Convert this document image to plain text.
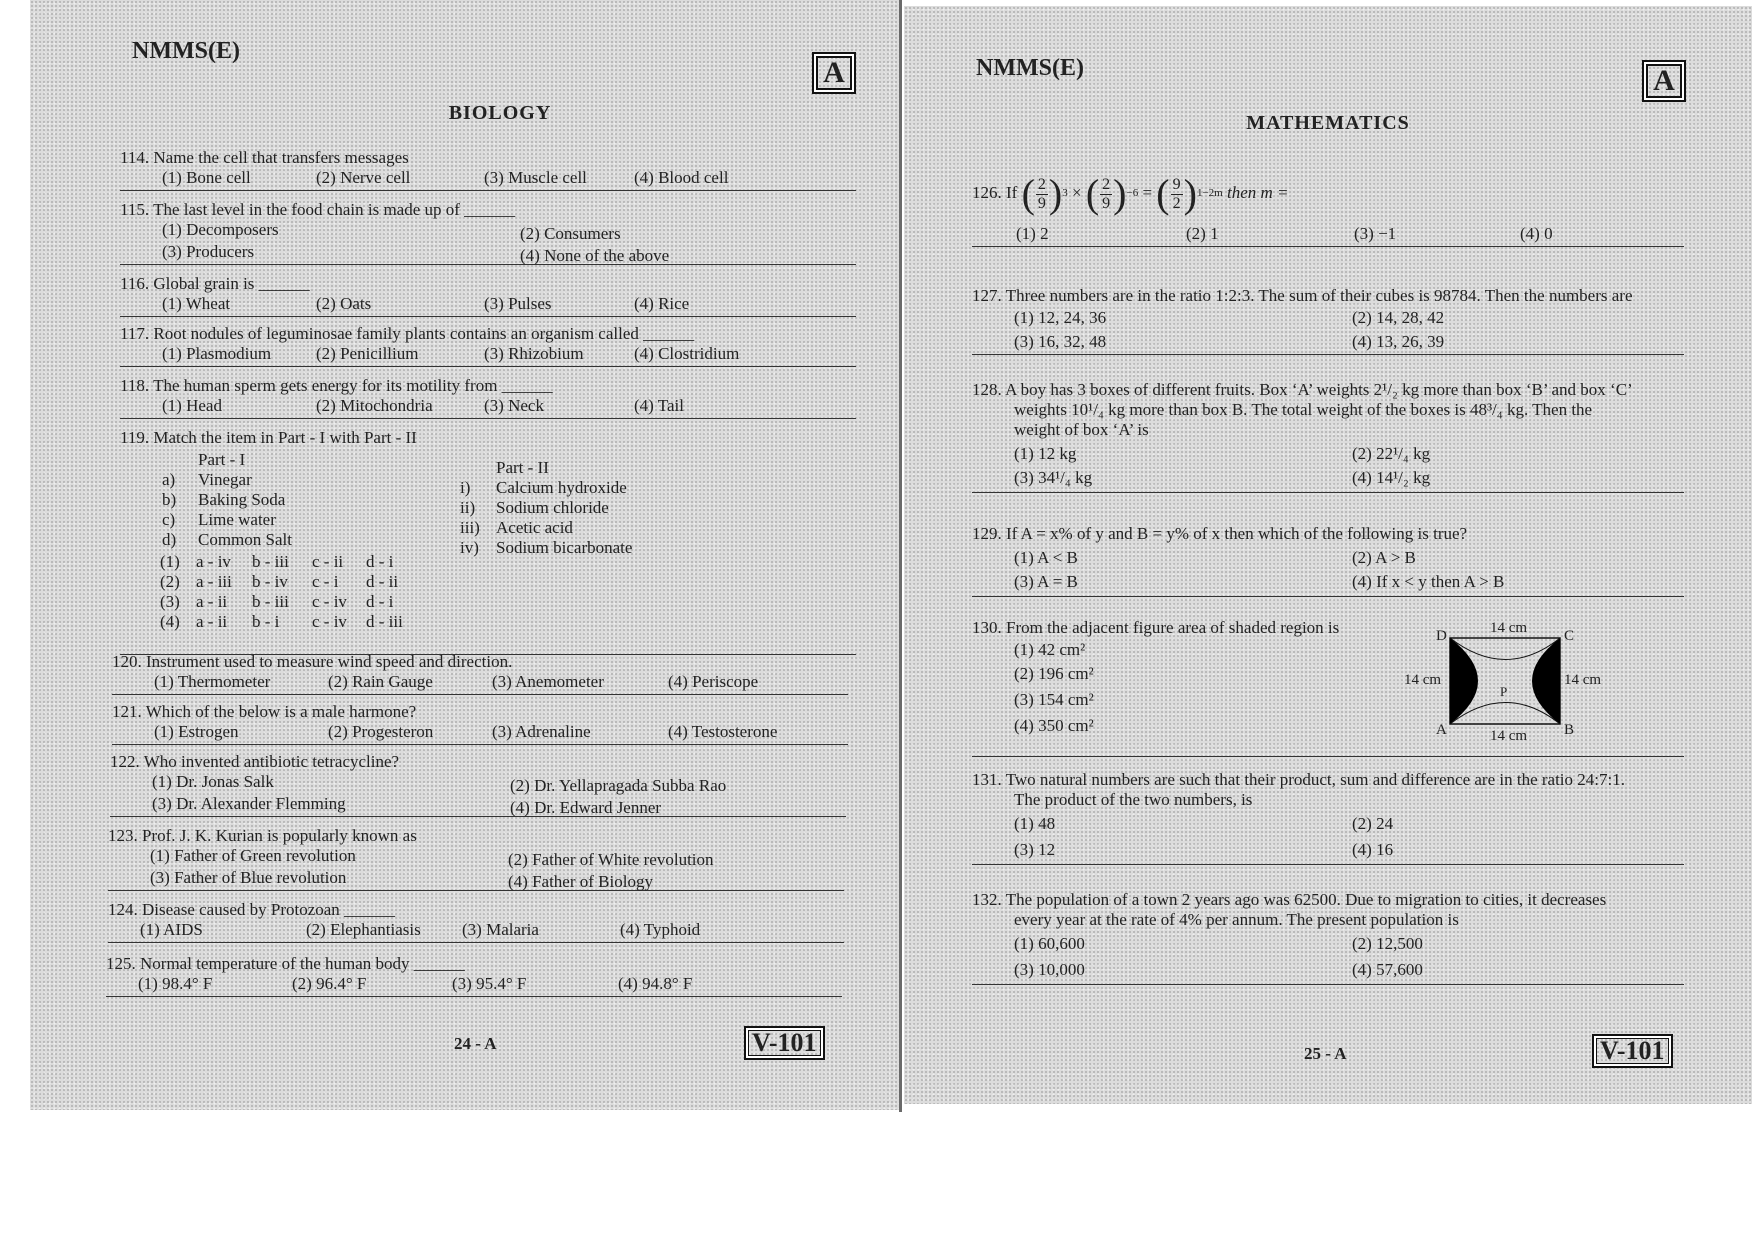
NMMS(E)
A
BIOLOGY
114. Name the cell that transfers messages
(1) Bone cell	(2) Nerve cell	(3) Muscle cell	(4) Blood cell
115. The last level in the food chain is made up of ______
(1) Decomposers	(2) Consumers
(3) Producers	(4) None of the above
116. Global grain is ______
(1) Wheat	(2) Oats	(3) Pulses	(4) Rice
117. Root nodules of leguminosae family plants contains an organism called ______
(1) Plasmodium	(2) Penicillium	(3) Rhizobium	(4) Clostridium
118. The human sperm gets energy for its motility from ______
(1) Head	(2) Mitochondria	(3) Neck	(4) Tail
119. Match the item in Part - I with Part - II
Part - I	Part - II
a) Vinegar
b) Baking Soda
c) Lime water
d) Common Salt
i) Calcium hydroxide
ii) Sodium chloride
iii) Acetic acid
iv) Sodium bicarbonate
(1) a - iv b - iii c - ii d - i
(2) a - iii b - iv c - i d - ii
(3) a - ii b - iii c - iv d - i
(4) a - ii b - i c - iv d - iii
120. Instrument used to measure wind speed and direction.
(1) Thermometer	(2) Rain Gauge	(3) Anemometer	(4) Periscope
121. Which of the below is a male harmone?
(1) Estrogen	(2) Progesteron	(3) Adrenaline	(4) Testosterone
122. Who invented antibiotic tetracycline?
(1) Dr. Jonas Salk	(2) Dr. Yellapragada Subba Rao
(3) Dr. Alexander Flemming	(4) Dr. Edward Jenner
123. Prof. J. K. Kurian is popularly known as
(1) Father of Green revolution	(2) Father of White revolution
(3) Father of Blue revolution	(4) Father of Biology
124. Disease caused by Protozoan ______
(1) AIDS	(2) Elephantiasis (3) Malaria	(4) Typhoid
125. Normal temperature of the human body ______
(1) 98.4° F	(2) 96.4° F	(3) 95.4° F	(4) 94.8° F
24 - A	V-101
NMMS(E)	A
MATHEMATICS
126. If ( $\frac{2}{9})^3$ × ( $\frac{2}{9})^{-6}$ = ( $\frac{9}{2})^{1-2m}$ then m =
(1) 2	(2) 1	(3) −1	(4) 0
127. Three numbers are in the ratio 1:2:3. The sum of their cubes is 98784. Then the numbers are
(1) 12, 24, 36	(2) 14, 28, 42
(3) 16, 32, 48	(4) 13, 26, 39
128. A boy has 3 boxes of different fruits. Box ‘A’ weights 2¹/₂ kg more than box ‘B’ and box ‘C’
weights 10¹/₄ kg more than box B. The total weight of the boxes is 48³/₄ kg. Then the
weight of box ‘A’ is
(1) 12 kg	(2) 22¹/₄ kg
(3) 34¹/₄ kg	(4) 14¹/₂ kg
129. If A = x% of y and B = y% of x then which of the following is true?
(1) A < B	(2) A > B
(3) A = B	(4) If x < y then A > B
130. From the adjacent figure area of shaded region is
(1) 42 cm²
(2) 196 cm²
(3) 154 cm²
(4) 350 cm²
14 cm
14 cm
14 cm	14 cm
D	C
A	B
P
131. Two natural numbers are such that their product, sum and difference are in the ratio 24:7:1.
The product of the two numbers, is
(1) 48	(2) 24
(3) 12	(4) 16
132. The population of a town 2 years ago was 62500. Due to migration to cities, it decreases
every year at the rate of 4% per annum. The present population is
(1) 60,600	(2) 12,500
(3) 10,000	(4) 57,600
25 - A	V-101
